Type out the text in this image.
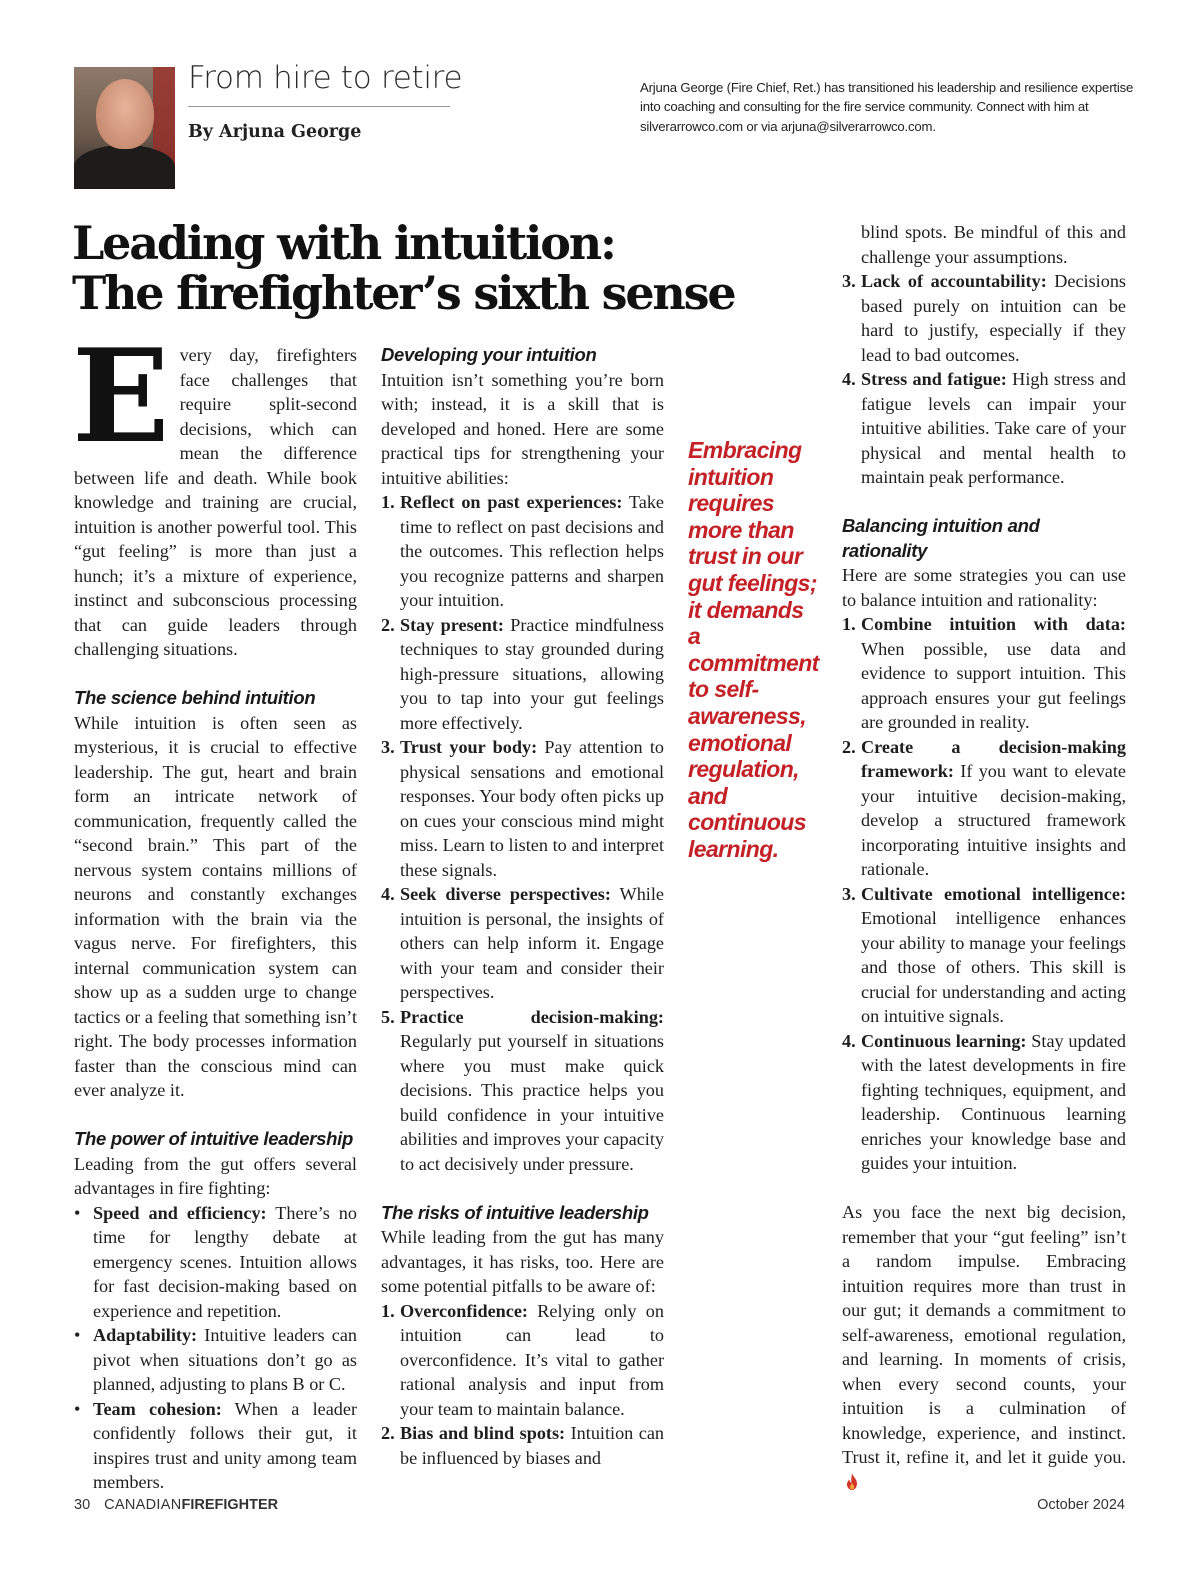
From hire to retire
By Arjuna George
Arjuna George (Fire Chief, Ret.) has transitioned his leadership and resilience expertise into coaching and consulting for the fire service community. Connect with him at silverarrowco.com or via arjuna@silverarrowco.com.
Leading with intuition:
The firefighter’s sixth sense

Every day, firefighters face challenges that require split-second decisions, which can mean the difference between life and death. While book knowledge and training are crucial, intuition is another powerful tool. This “gut feeling” is more than just a hunch; it’s a mixture of experience, instinct and subconscious processing that can guide leaders through challenging situations.

The science behind intuition

While intuition is often seen as mysterious, it is crucial to effective leadership. The gut, heart and brain form an intricate network of communication, frequently called the “second brain.” This part of the nervous system contains millions of neurons and constantly exchanges information with the brain via the vagus nerve. For firefighters, this internal communication system can show up as a sudden urge to change tactics or a feeling that something isn’t right. The body processes information faster than the conscious mind can ever analyze it.

The power of intuitive leadership

Leading from the gut offers several advantages in fire fighting:

• Speed and efficiency: There’s no time for lengthy debate at emergency scenes. Intuition allows for fast decision-making based on experience and repetition.
• Adaptability: Intuitive leaders can pivot when situations don’t go as planned, adjusting to plans B or C.
• Team cohesion: When a leader confidently follows their gut, it inspires trust and unity among team members.
Developing your intuition

Intuition isn’t something you’re born with; instead, it is a skill that is developed and honed. Here are some practical tips for strengthening your intuitive abilities:

1. Reflect on past experiences: Take time to reflect on past decisions and the outcomes. This reflection helps you recognize patterns and sharpen your intuition.
2. Stay present: Practice mindfulness techniques to stay grounded during high-pressure situations, allowing you to tap into your gut feelings more effectively.
3. Trust your body: Pay attention to physical sensations and emotional responses. Your body often picks up on cues your conscious mind might miss. Learn to listen to and interpret these signals.
4. Seek diverse perspectives: While intuition is personal, the insights of others can help inform it. Engage with your team and consider their perspectives.
5. Practice decision-making: Regularly put yourself in situations where you must make quick decisions. This practice helps you build confidence in your intuitive abilities and improves your capacity to act decisively under pressure.
The risks of intuitive leadership

While leading from the gut has many advantages, it has risks, too. Here are some potential pitfalls to be aware of:

1. Overconfidence: Relying only on intuition can lead to overconfidence. It’s vital to gather rational analysis and input from your team to maintain balance.
2. Bias and blind spots: Intuition can be influenced by biases and
Embracing intuition requires more than trust in our gut feelings; it demands a commitment to self-awareness, emotional regulation, and continuous learning.
blind spots. Be mindful of this and challenge your assumptions.
3. Lack of accountability: Decisions based purely on intuition can be hard to justify, especially if they lead to bad outcomes.
4. Stress and fatigue: High stress and fatigue levels can impair your intuitive abilities. Take care of your physical and mental health to maintain peak performance.
Balancing intuition and rationality

Here are some strategies you can use to balance intuition and rationality:

1. Combine intuition with data: When possible, use data and evidence to support intuition. This approach ensures your gut feelings are grounded in reality.
2. Create a decision-making framework: If you want to elevate your intuitive decision-making, develop a structured framework incorporating intuitive insights and rationale.
3. Cultivate emotional intelligence: Emotional intelligence enhances your ability to manage your feelings and those of others. This skill is crucial for understanding and acting on intuitive signals.
4. Continuous learning: Stay updated with the latest developments in fire fighting techniques, equipment, and leadership. Continuous learning enriches your knowledge base and guides your intuition.

As you face the next big decision, remember that your “gut feeling” isn’t a random impulse. Embracing intuition requires more than trust in our gut; it demands a commitment to self-awareness, emotional regulation, and learning. In moments of crisis, when every second counts, your intuition is a culmination of knowledge, experience, and instinct. Trust it, refine it, and let it guide you.

30 CANADIANFIREFIGHTER	October 2024
